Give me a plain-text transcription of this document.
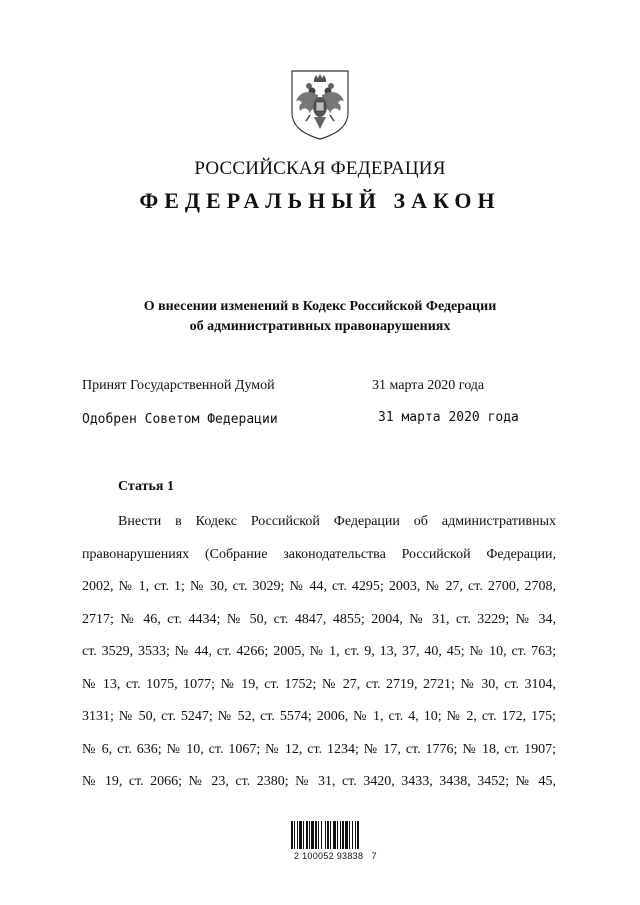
РОССИЙСКАЯ ФЕДЕРАЦИЯ
ФЕДЕРАЛЬНЫЙ ЗАКОН
О внесении изменений в Кодекс Российской Федерации
об административных правонарушениях
Принят Государственной Думой	31 марта 2020 года
Одобрен Советом Федерации	31 марта 2020 года
Статья 1
Внести в Кодекс Российской Федерации об административных
правонарушениях (Собрание законодательства Российской Федерации,
2002, № 1, ст. 1; № 30, ст. 3029; № 44, ст. 4295; 2003, № 27, ст. 2700, 2708,
2717; № 46, ст. 4434; № 50, ст. 4847, 4855; 2004, № 31, ст. 3229; № 34,
ст. 3529, 3533; № 44, ст. 4266; 2005, № 1, ст. 9, 13, 37, 40, 45; № 10, ст. 763;
№ 13, ст. 1075, 1077; № 19, ст. 1752; № 27, ст. 2719, 2721; № 30, ст. 3104,
3131; № 50, ст. 5247; № 52, ст. 5574; 2006, № 1, ст. 4, 10; № 2, ст. 172, 175;
№ 6, ст. 636; № 10, ст. 1067; № 12, ст. 1234; № 17, ст. 1776; № 18, ст. 1907;
№ 19, ст. 2066; № 23, ст. 2380; № 31, ст. 3420, 3433, 3438, 3452; № 45,
2 100052 93838   7
